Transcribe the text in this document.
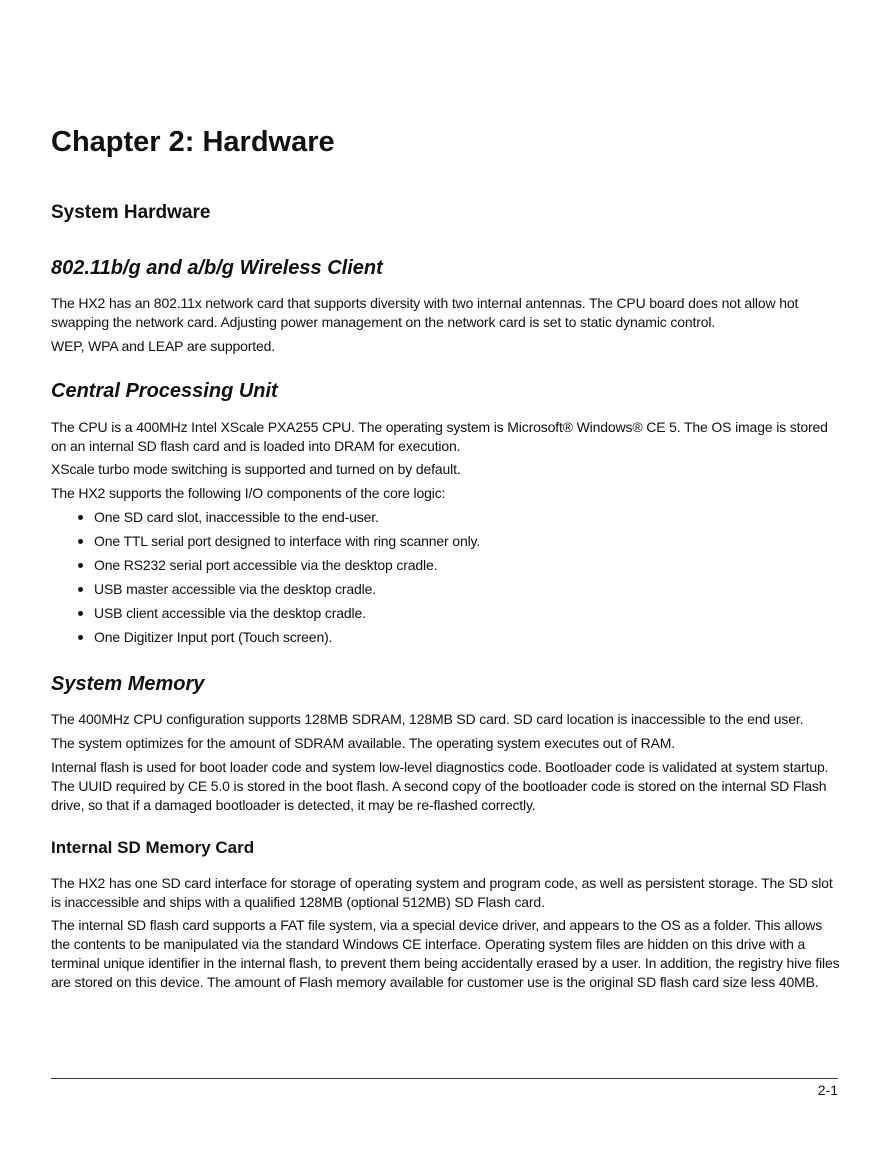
Chapter 2: Hardware
System Hardware
802.11b/g and a/b/g Wireless Client

The HX2 has an 802.11x network card that supports diversity with two internal antennas. The CPU board does not allow hot swapping the network card. Adjusting power management on the network card is set to static dynamic control.

WEP, WPA and LEAP are supported.

Central Processing Unit

The CPU is a 400MHz Intel XScale PXA255 CPU. The operating system is Microsoft® Windows® CE 5. The OS image is stored on an internal SD flash card and is loaded into DRAM for execution.

XScale turbo mode switching is supported and turned on by default.

The HX2 supports the following I/O components of the core logic:

One SD card slot, inaccessible to the end-user.
One TTL serial port designed to interface with ring scanner only.
One RS232 serial port accessible via the desktop cradle.
USB master accessible via the desktop cradle.
USB client accessible via the desktop cradle.
One Digitizer Input port (Touch screen).
System Memory

The 400MHz CPU configuration supports 128MB SDRAM, 128MB SD card. SD card location is inaccessible to the end user.

The system optimizes for the amount of SDRAM available. The operating system executes out of RAM.

Internal flash is used for boot loader code and system low-level diagnostics code. Bootloader code is validated at system startup. The UUID required by CE 5.0 is stored in the boot flash. A second copy of the bootloader code is stored on the internal SD Flash drive, so that if a damaged bootloader is detected, it may be re-flashed correctly.

Internal SD Memory Card

The HX2 has one SD card interface for storage of operating system and program code, as well as persistent storage. The SD slot is inaccessible and ships with a qualified 128MB (optional 512MB) SD Flash card.

The internal SD flash card supports a FAT file system, via a special device driver, and appears to the OS as a folder. This allows the contents to be manipulated via the standard Windows CE interface. Operating system files are hidden on this drive with a terminal unique identifier in the internal flash, to prevent them being accidentally erased by a user. In addition, the registry hive files are stored on this device. The amount of Flash memory available for customer use is the original SD flash card size less 40MB.

2-1
